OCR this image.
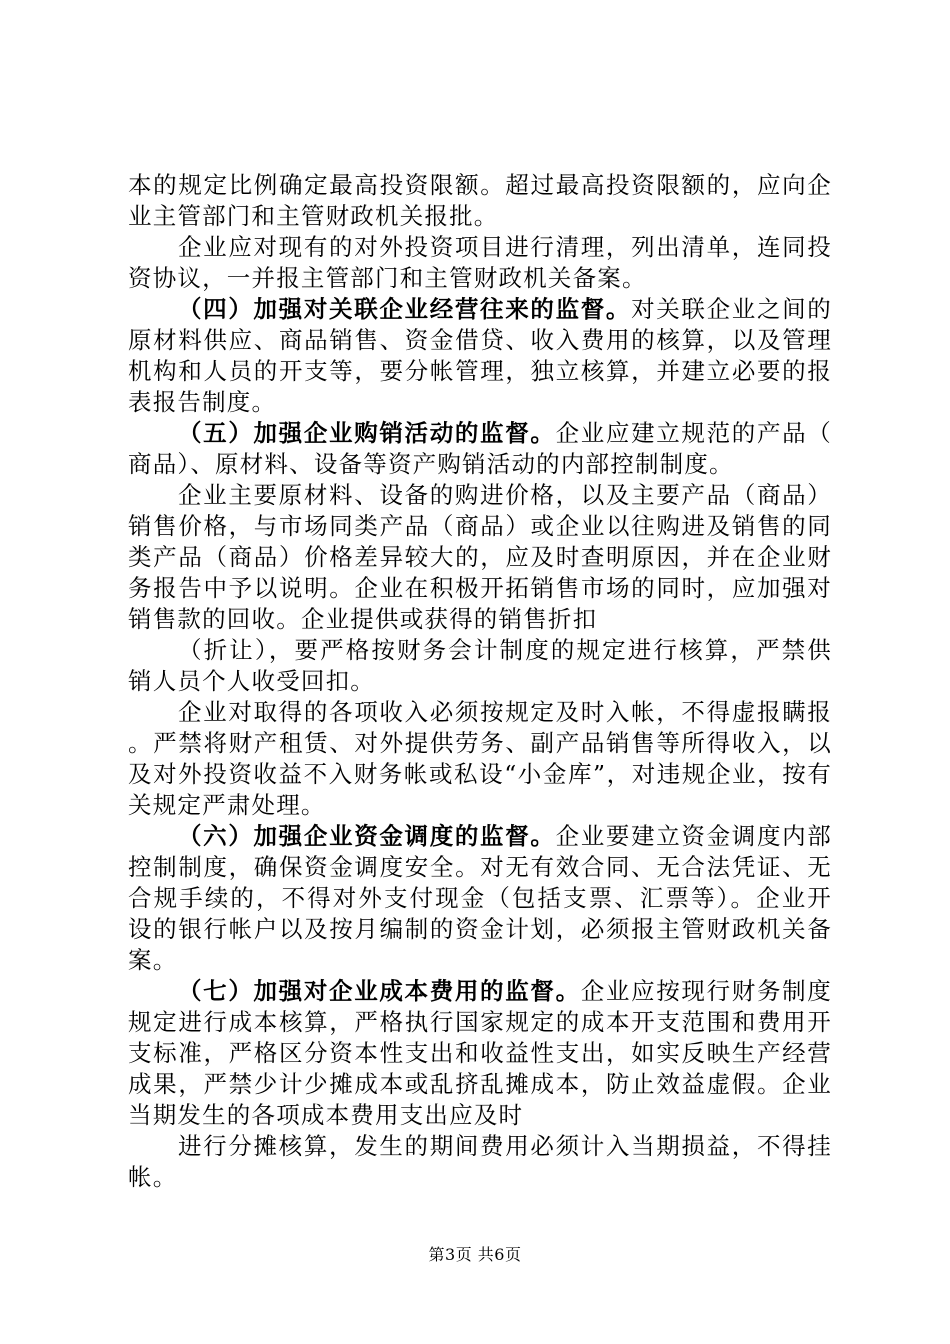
本的规定比例确定最高投资限额。超过最高投资限额的，应向企业主管部门和主管财政机关报批。

企业应对现有的对外投资项目进行清理，列出清单，连同投资协议，一并报主管部门和主管财政机关备案。

（四）加强对关联企业经营往来的监督。对关联企业之间的原材料供应、商品销售、资金借贷、收入费用的核算，以及管理机构和人员的开支等，要分帐管理，独立核算，并建立必要的报表报告制度。

（五）加强企业购销活动的监督。企业应建立规范的产品（商品）、原材料、设备等资产购销活动的内部控制制度。

企业主要原材料、设备的购进价格，以及主要产品（商品）销售价格，与市场同类产品（商品）或企业以往购进及销售的同类产品（商品）价格差异较大的，应及时查明原因，并在企业财务报告中予以说明。企业在积极开拓销售市场的同时，应加强对销售款的回收。企业提供或获得的销售折扣

（折让），要严格按财务会计制度的规定进行核算，严禁供销人员个人收受回扣。

企业对取得的各项收入必须按规定及时入帐，不得虚报瞒报。严禁将财产租赁、对外提供劳务、副产品销售等所得收入，以及对外投资收益不入财务帐或私设“小金库”，对违规企业，按有关规定严肃处理。

（六）加强企业资金调度的监督。企业要建立资金调度内部控制制度，确保资金调度安全。对无有效合同、无合法凭证、无合规手续的，不得对外支付现金（包括支票、汇票等）。企业开设的银行帐户以及按月编制的资金计划，必须报主管财政机关备案。

（七）加强对企业成本费用的监督。企业应按现行财务制度规定进行成本核算，严格执行国家规定的成本开支范围和费用开支标准，严格区分资本性支出和收益性支出，如实反映生产经营成果，严禁少计少摊成本或乱挤乱摊成本，防止效益虚假。企业当期发生的各项成本费用支出应及时

进行分摊核算，发生的期间费用必须计入当期损益，不得挂帐。

第3页 共6页
